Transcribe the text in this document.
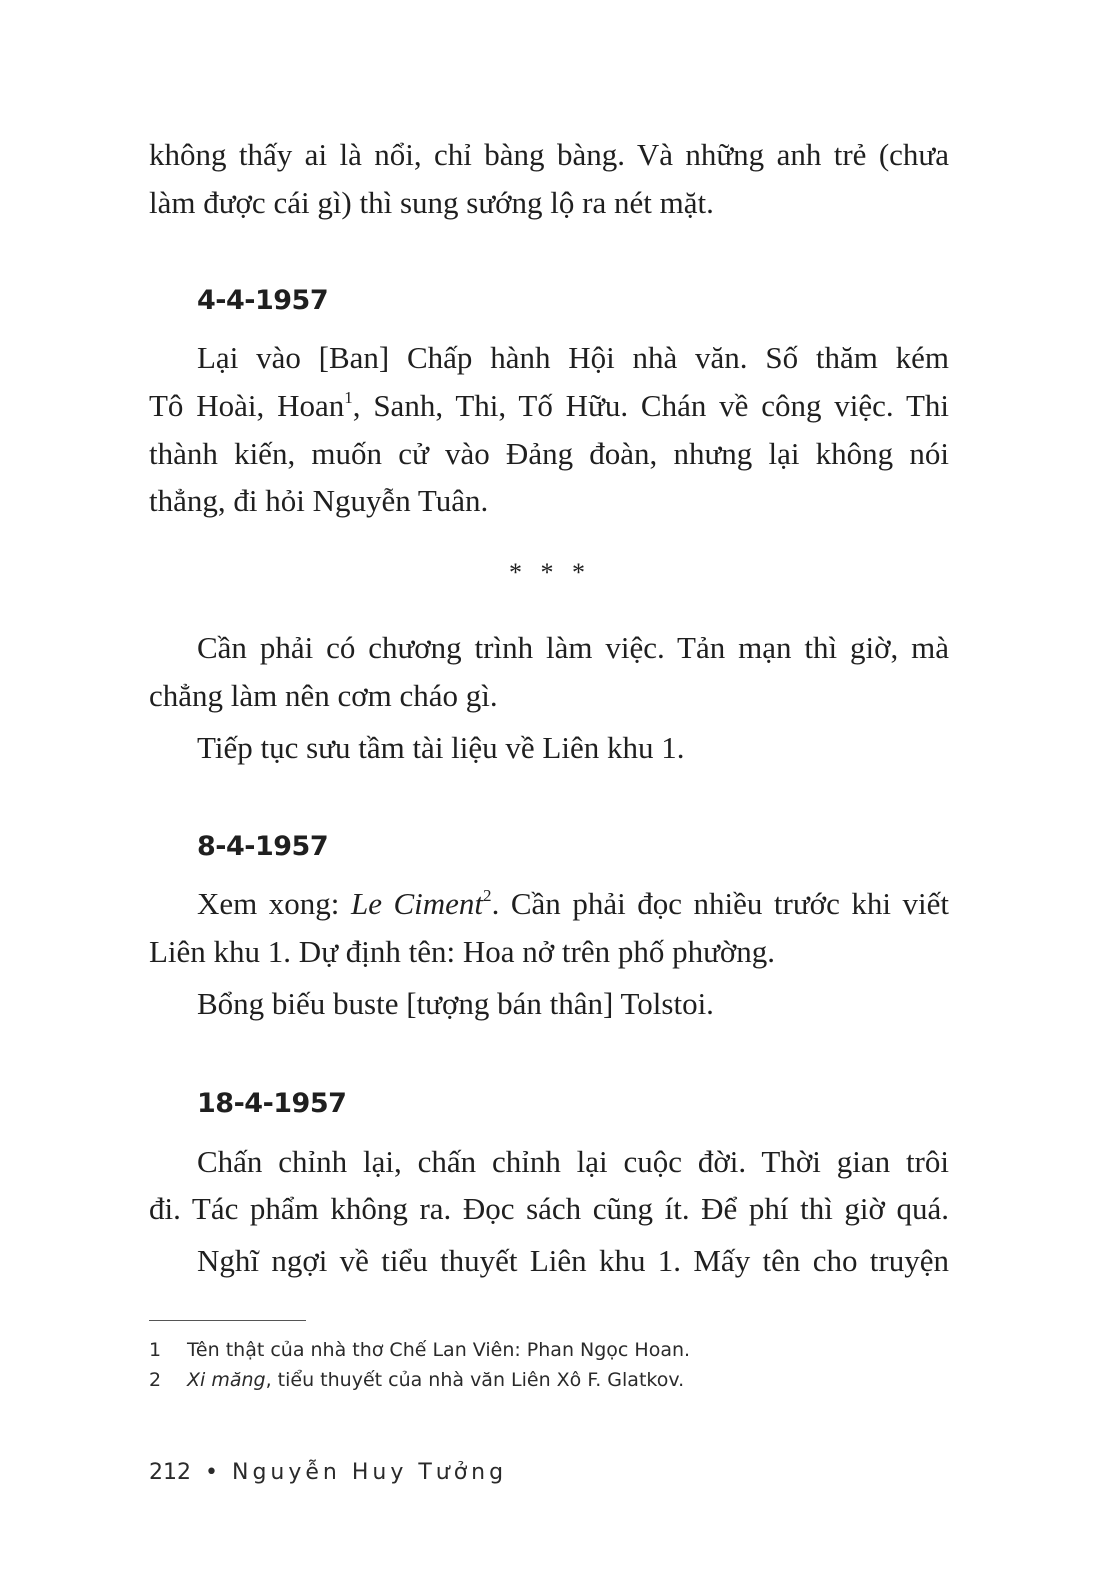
không thấy ai là nổi, chỉ bàng bàng. Và những anh trẻ (chưa
làm được cái gì) thì sung sướng lộ ra nét mặt.
4-4-1957
Lại vào [Ban] Chấp hành Hội nhà văn. Số thăm kém
Tô Hoài, Hoan$^1$, Sanh, Thi, Tố Hữu. Chán về công việc. Thi
thành kiến, muốn cử vào Đảng đoàn, nhưng lại không nói
thẳng, đi hỏi Nguyễn Tuân.
* * *
Cần phải có chương trình làm việc. Tản mạn thì giờ, mà
chẳng làm nên cơm cháo gì.
Tiếp tục sưu tầm tài liệu về Liên khu 1.
8-4-1957
Xem xong: Le Ciment$^2$. Cần phải đọc nhiều trước khi viết
Liên khu 1. Dự định tên: Hoa nở trên phố phường.
Bổng biếu buste [tượng bán thân] Tolstoi.
18-4-1957
Chấn chỉnh lại, chấn chỉnh lại cuộc đời. Thời gian trôi
đi. Tác phẩm không ra. Đọc sách cũng ít. Để phí thì giờ quá.
Nghĩ ngợi về tiểu thuyết Liên khu 1. Mấy tên cho truyện
1 Tên thật của nhà thơ Chế Lan Viên: Phan Ngọc Hoan.
2 Xi măng, tiểu thuyết của nhà văn Liên Xô F. Glatkov.
212 • Nguyễn Huy Tưởng
